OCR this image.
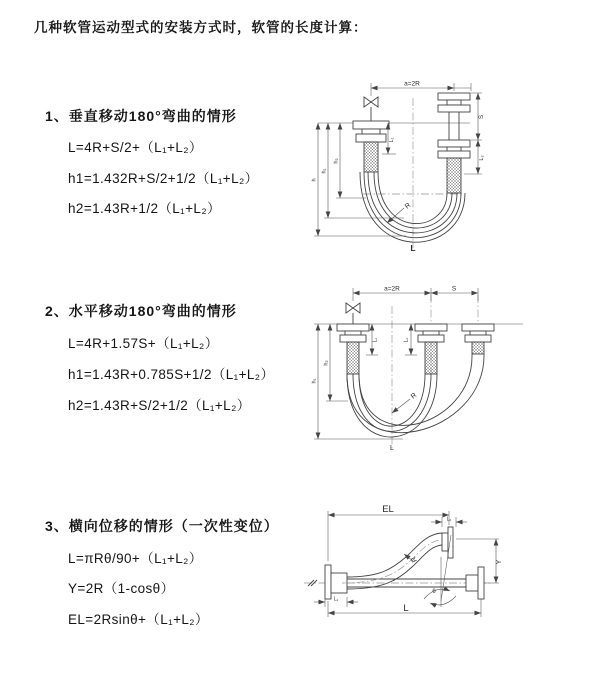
几种软管运动型式的安装方式时，软管的长度计算：
1、垂直移动180°弯曲的情形
L=4R+S/2+（L₁+L₂）
h1=1.432R+S/2+1/2（L₁+L₂）
h2=1.43R+1/2（L₁+L₂）
2、水平移动180°弯曲的情形
L=4R+1.57S+（L₁+L₂）
h1=1.43R+0.785S+1/2（L₁+L₂）
h2=1.43R+S/2+1/2（L₁+L₂）
3、横向位移的情形（一次性变位）
L=πRθ/90+（L₁+L₂）
Y=2R（1-cosθ）
EL=2Rsinθ+（L₁+L₂）
a=2R
R
L₁
S
L₂
h
h₁
h₂
L
a=2R	S
L₁	L₂
R
h₁
h₂
L
EL
L₂
Y
R
θ
L₁
L
